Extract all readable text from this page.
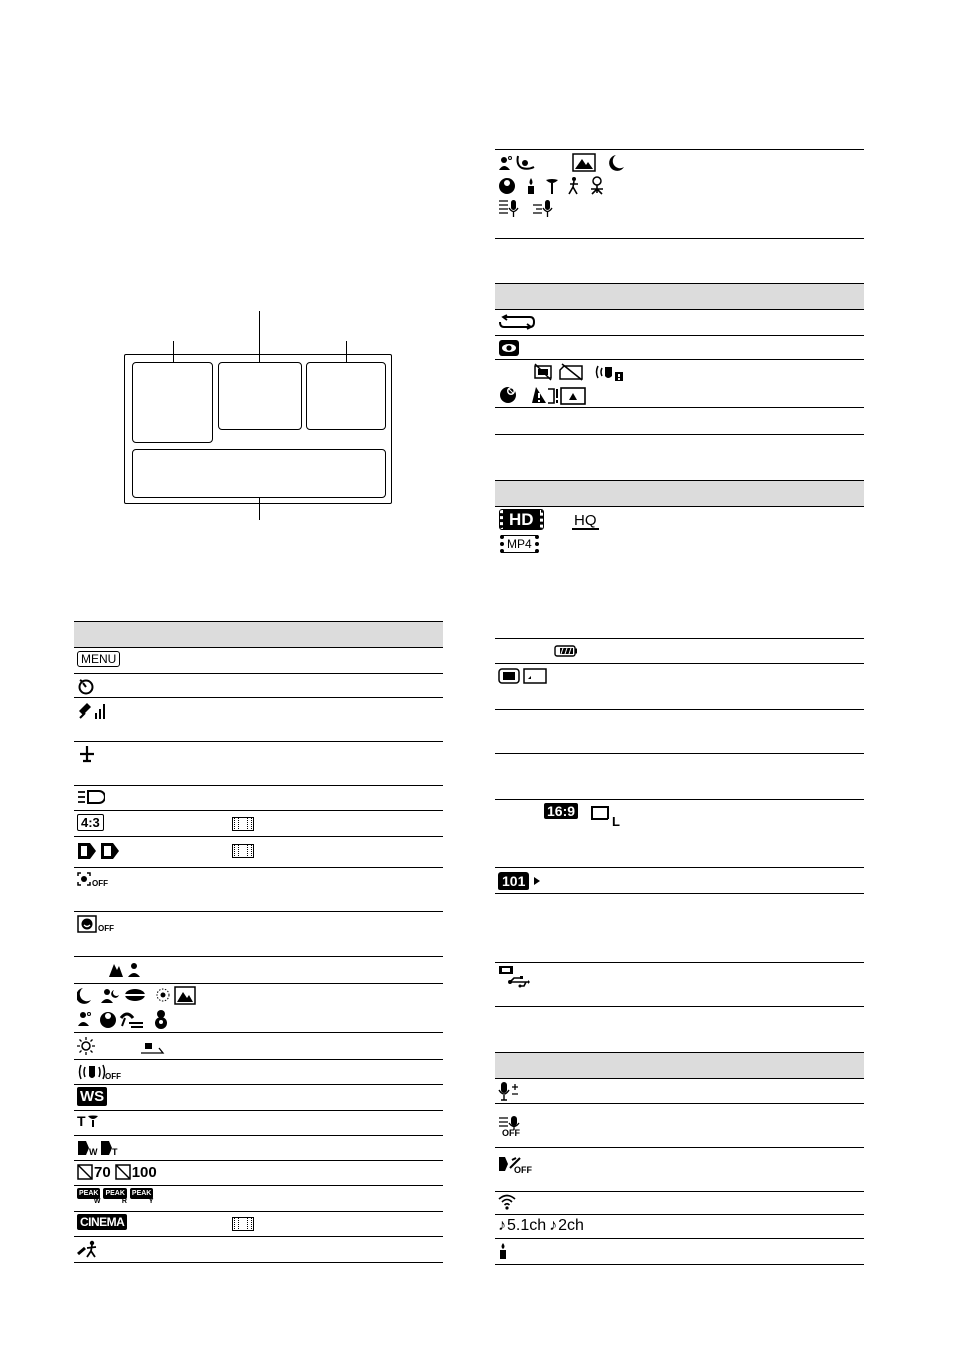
MENU
4:3
OFF
OFF
OFF
WS
T
W T
70 100
PEAK
W
PEAK
R
PEAK
Y
CINEMA
HD	HQ
MP4
16:9
L
101
OFF
OFF
♪ 5.1ch ♪ 2ch
